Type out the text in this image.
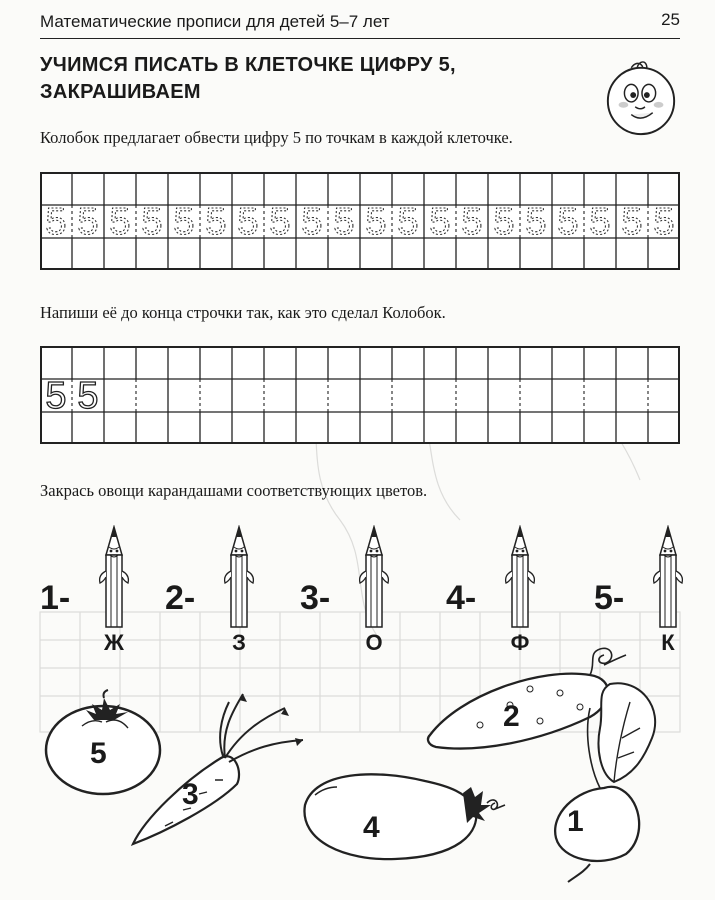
Математические прописи для детей 5–7 лет	25
УЧИМСЯ ПИСАТЬ В КЛЕТОЧКЕ ЦИФРУ 5,
ЗАКРАШИВАЕМ
Колобок предлагает обвести цифру 5 по точкам в каждой клеточке.
5 5 5 5 5 5 5 5 5 5 5 5 5 5 5 5 5 5 5 5
Напиши её до конца строчки так, как это сделал Колобок.
5 5
Закрась овощи карандашами соответствующих цветов.
1-
Ж
2-
З
3-
О
4-
Ф
5-
К
5
3
2
4	1
